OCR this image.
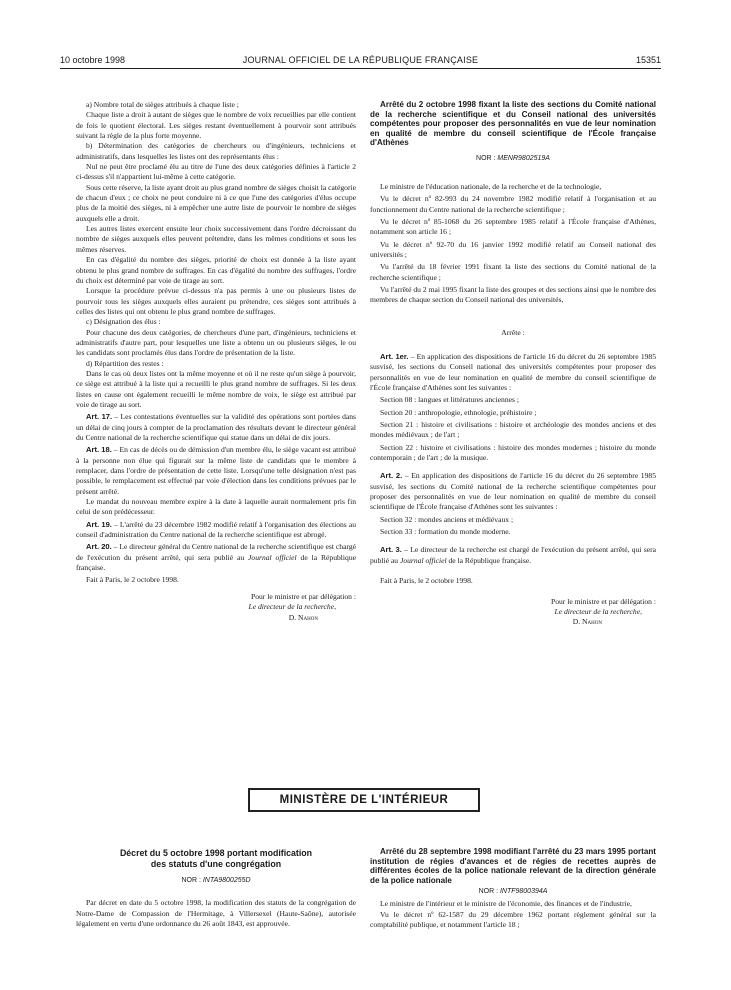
10 octobre 1998	JOURNAL OFFICIEL DE LA RÉPUBLIQUE FRANÇAISE	15351

a) Nombre total de sièges attribués à chaque liste ;

Chaque liste a droit à autant de sièges que le nombre de voix recueillies par elle contient de fois le quotient électoral. Les sièges restant éventuellement à pourvoir sont attribués suivant la règle de la plus forte moyenne.

b) Détermination des catégories de chercheurs ou d'ingénieurs, techniciens et administratifs, dans lesquelles les listes ont des représentants élus :

Nul ne peut être proclamé élu au titre de l'une des deux catégories définies à l'article 2 ci-dessus s'il n'appartient lui-même à cette catégorie.

Sous cette réserve, la liste ayant droit au plus grand nombre de sièges choisit la catégorie de chacun d'eux ; ce choix ne peut conduire ni à ce que l'une des catégories d'élus occupe plus de la moitié des sièges, ni à empêcher une autre liste de pourvoir le nombre de sièges auxquels elle a droit.

Les autres listes exercent ensuite leur choix successivement dans l'ordre décroissant du nombre de sièges auxquels elles peuvent prétendre, dans les mêmes conditions et sous les mêmes réserves.

En cas d'égalité du nombre des sièges, priorité de choix est donnée à la liste ayant obtenu le plus grand nombre de suffrages. En cas d'égalité du nombre des suffrages, l'ordre du choix est déterminé par voie de tirage au sort.

Lorsque la procédure prévue ci-dessus n'a pas permis à une ou plusieurs listes de pourvoir tous les sièges auxquels elles auraient pu prétendre, ces sièges sont attribués à celles des listes qui ont obtenu le plus grand nombre de suffrages.

c) Désignation des élus :

Pour chacune des deux catégories, de chercheurs d'une part, d'ingénieurs, techniciens et administratifs d'autre part, pour lesquelles une liste a obtenu un ou plusieurs sièges, le ou les candidats sont proclamés élus dans l'ordre de présentation de la liste.

d) Répartition des restes :

Dans le cas où deux listes ont la même moyenne et où il ne reste qu'un siège à pourvoir, ce siège est attribué à la liste qui a recueilli le plus grand nombre de suffrages. Si les deux listes en cause ont également recueilli le même nombre de voix, le siège est attribué par voie de tirage au sort.

Art. 17. – Les contestations éventuelles sur la validité des opérations sont portées dans un délai de cinq jours à compter de la proclamation des résultats devant le directeur général du Centre national de la recherche scientifique qui statue dans un délai de dix jours.

Art. 18. – En cas de décès ou de démission d'un membre élu, le siège vacant est attribué à la personne non élue qui figurait sur la même liste de candidats que le membre à remplacer, dans l'ordre de présentation de cette liste. Lorsqu'une telle désignation n'est pas possible, le remplacement est effectué par voie d'élection dans les conditions prévues par le présent arrêté.

Le mandat du nouveau membre expire à la date à laquelle aurait normalement pris fin celui de son prédécesseur.

Art. 19. – L'arrêté du 23 décembre 1982 modifié relatif à l'organisation des élections au conseil d'administration du Centre national de la recherche scientifique est abrogé.

Art. 20. – Le directeur général du Centre national de la recherche scientifique est chargé de l'exécution du présent arrêté, qui sera publié au Journal officiel de la République française.

Fait à Paris, le 2 octobre 1998.

Pour le ministre et par délégation :

Le directeur de la recherche,

D. Nahon

Arrêté du 2 octobre 1998 fixant la liste des sections du Comité national de la recherche scientifique et du Conseil national des universités compétentes pour proposer des personnalités en vue de leur nomination en qualité de membre du conseil scientifique de l'École française d'Athènes

NOR : MENR9802519A

Le ministre de l'éducation nationale, de la recherche et de la technologie,

Vu le décret nº 82-993 du 24 novembre 1982 modifié relatif à l'organisation et au fonctionnement du Centre national de la recherche scientifique ;

Vu le décret nº 85-1068 du 26 septembre 1985 relatif à l'École française d'Athènes, notamment son article 16 ;

Vu le décret nº 92-70 du 16 janvier 1992 modifié relatif au Conseil national des universités ;

Vu l'arrêté du 18 février 1991 fixant la liste des sections du Comité national de la recherche scientifique ;

Vu l'arrêté du 2 mai 1995 fixant la liste des groupes et des sections ainsi que le nombre des membres de chaque section du Conseil national des universités,

Arrête :

Art. 1er. – En application des dispositions de l'article 16 du décret du 26 septembre 1985 susvisé, les sections du Conseil national des universités compétentes pour proposer des personnalités en vue de leur nomination en qualité de membre du conseil scientifique de l'École française d'Athènes sont les suivantes :

Section 08 : langues et littératures anciennes ;

Section 20 : anthropologie, ethnologie, préhistoire ;

Section 21 : histoire et civilisations : histoire et archéologie des mondes anciens et des mondes médiévaux ; de l'art ;

Section 22 : histoire et civilisations : histoire des mondes modernes ; histoire du monde contemporain ; de l'art ; de la musique.

Art. 2. – En application des dispositions de l'article 16 du décret du 26 septembre 1985 susvisé, les sections du Comité national de la recherche scientifique compétentes pour proposer des personnalités en vue de leur nomination en qualité de membre du conseil scientifique de l'École française d'Athènes sont les suivantes :

Section 32 : mondes anciens et médiévaux ;

Section 33 : formation du monde moderne.

Art. 3. – Le directeur de la recherche est chargé de l'exécution du présent arrêté, qui sera publié au Journal officiel de la République française.

Fait à Paris, le 2 octobre 1998.

Pour le ministre et par délégation :

Le directeur de la recherche,

D. Nahon

MINISTÈRE DE L'INTÉRIEUR

Décret du 5 octobre 1998 portant modification des statuts d'une congrégation

NOR : INTA9800255D

Par décret en date du 5 octobre 1998, la modification des statuts de la congrégation de Notre-Dame de Compassion de l'Hermitage, à Villersexel (Haute-Saône), autorisée légalement en vertu d'une ordonnance du 26 août 1843, est approuvée.

Arrêté du 28 septembre 1998 modifiant l'arrêté du 23 mars 1995 portant institution de régies d'avances et de régies de recettes auprès de différentes écoles de la police nationale relevant de la direction générale de la police nationale

NOR : INTF9800394A

Le ministre de l'intérieur et le ministre de l'économie, des finances et de l'industrie,

Vu le décret nº 62-1587 du 29 décembre 1962 portant règlement général sur la comptabilité publique, et notamment l'article 18 ;
